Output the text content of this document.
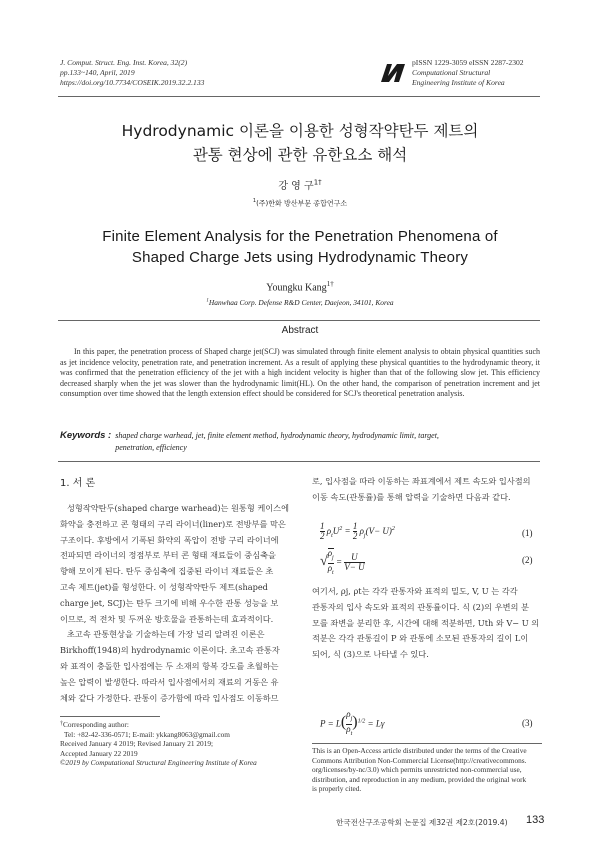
J. Comput. Struct. Eng. Inst. Korea, 32(2)
pp.133~140, April, 2019
https://doi.org/10.7734/COSEIK.2019.32.2.133
pISSN 1229-3059 eISSN 2287-2302
Computational Structural
Engineering Institute of Korea
Hydrodynamic 이론을 이용한 성형작약탄두 제트의
관통 현상에 관한 유한요소 해석
강 영 구$^{1\dagger}$
$^1$(주)한화 방산부문 종합연구소
Finite Element Analysis for the Penetration Phenomena of
Shaped Charge Jets using Hydrodynamic Theory
Youngku Kang$^{1\dagger}$
$^1$Hanwhaa Corp. Defense R&D Center, Daejeon, 34101, Korea
Abstract
In this paper, the penetration process of Shaped charge jet(SCJ) was simulated through finite element analysis to obtain physical quantities such as jet incidence velocity, penetration rate, and penetration increment. As a result of applying these physical quantities to the hydrodynamic theory, it was confirmed that the penetration efficiency of the jet with a high incident velocity is higher than that of the following slow jet. This efficiency decreased sharply when the jet was slower than the hydrodynamic limit(HL). On the other hand, the comparison of penetration increment and jet consumption over time showed that the length extension effect should be considered for SCJ's theoretical penetration analysis.
Keywords : shaped charge warhead, jet, finite element method, hydrodynamic theory, hydrodynamic limit, target,
penetration, efficiency
1. 서 론
성형작약탄두(shaped charge warhead)는 원통형 케이스에
화약을 충전하고 콘 형태의 구리 라이너(liner)로 전방부를 막은
구조이다. 후방에서 기폭된 화약의 폭압이 전방 구리 라이너에
전파되면 라이너의 정점부로 부터 콘 형태 재료들이 중심축을
향해 모이게 된다. 탄두 중심축에 집중된 라이너 재료들은 초
고속 제트(jet)를 형성한다. 이 성형작약탄두 제트(shaped
charge jet, SCJ)는 탄두 크기에 비해 우수한 관통 성능을 보
이므로, 적 전차 및 두꺼운 방호물을 관통하는데 효과적이다.
초고속 관통현상을 기술하는데 가장 널리 알려진 이론은
Birkhoff(1948)의 hydrodynamic 이론이다. 초고속 관통자
와 표적이 충돌한 입사점에는 두 소재의 항복 강도를 초월하는
높은 압력이 발생한다. 따라서 입사점에서의 재료의 거동은 유
체와 같다 가정한다. 관통이 증가함에 따라 입사점도 이동하므
†Corresponding author:
Tel: +82-42-336-0571; E-mail: ykkang8063@gmail.com
Received January 4 2019; Revised January 21 2019;
Accepted January 22 2019
©2019 by Computational Structural Engineering Institute of Korea
로, 입사점을 따라 이동하는 좌표계에서 제트 속도와 입사점의
이동 속도(관통률)를 통해 압력을 기술하면 다음과 같다.
$\frac{1}{2} \rho_tU^2 = \frac{1}{2} \rho_j(V- U)^2$	(1)
√ $\frac{\rho_j}{\rho_t} = \frac{U}{V- U}$	(2)
여기서, ρj, ρt는 각각 관통자와 표적의 밀도, V, U 는 각각
관통자의 입사 속도와 표적의 관통률이다. 식 (2)의 우변의 분
모를 좌변을 분리한 후, 시간에 대해 적분하면, Uth 와 V− U 의
적분은 각각 관통길이 P 와 관통에 소모된 관통자의 길이 L이
되어, 식 (3)으로 나타낼 수 있다.
$P = L( \frac{\rho_j}{\rho_t} )^{1/2} = L\gamma$	(3)
This is an Open-Access article distributed under the terms of the Creative
Commons Attribution Non-Commercial License(http://creativecommons.
org/licenses/by-nc/3.0) which permits unrestricted non-commercial use,
distribution, and reproduction in any medium, provided the original work
is properly cited.
한국전산구조공학회 논문집 제32권 제2호(2019.4) 133
